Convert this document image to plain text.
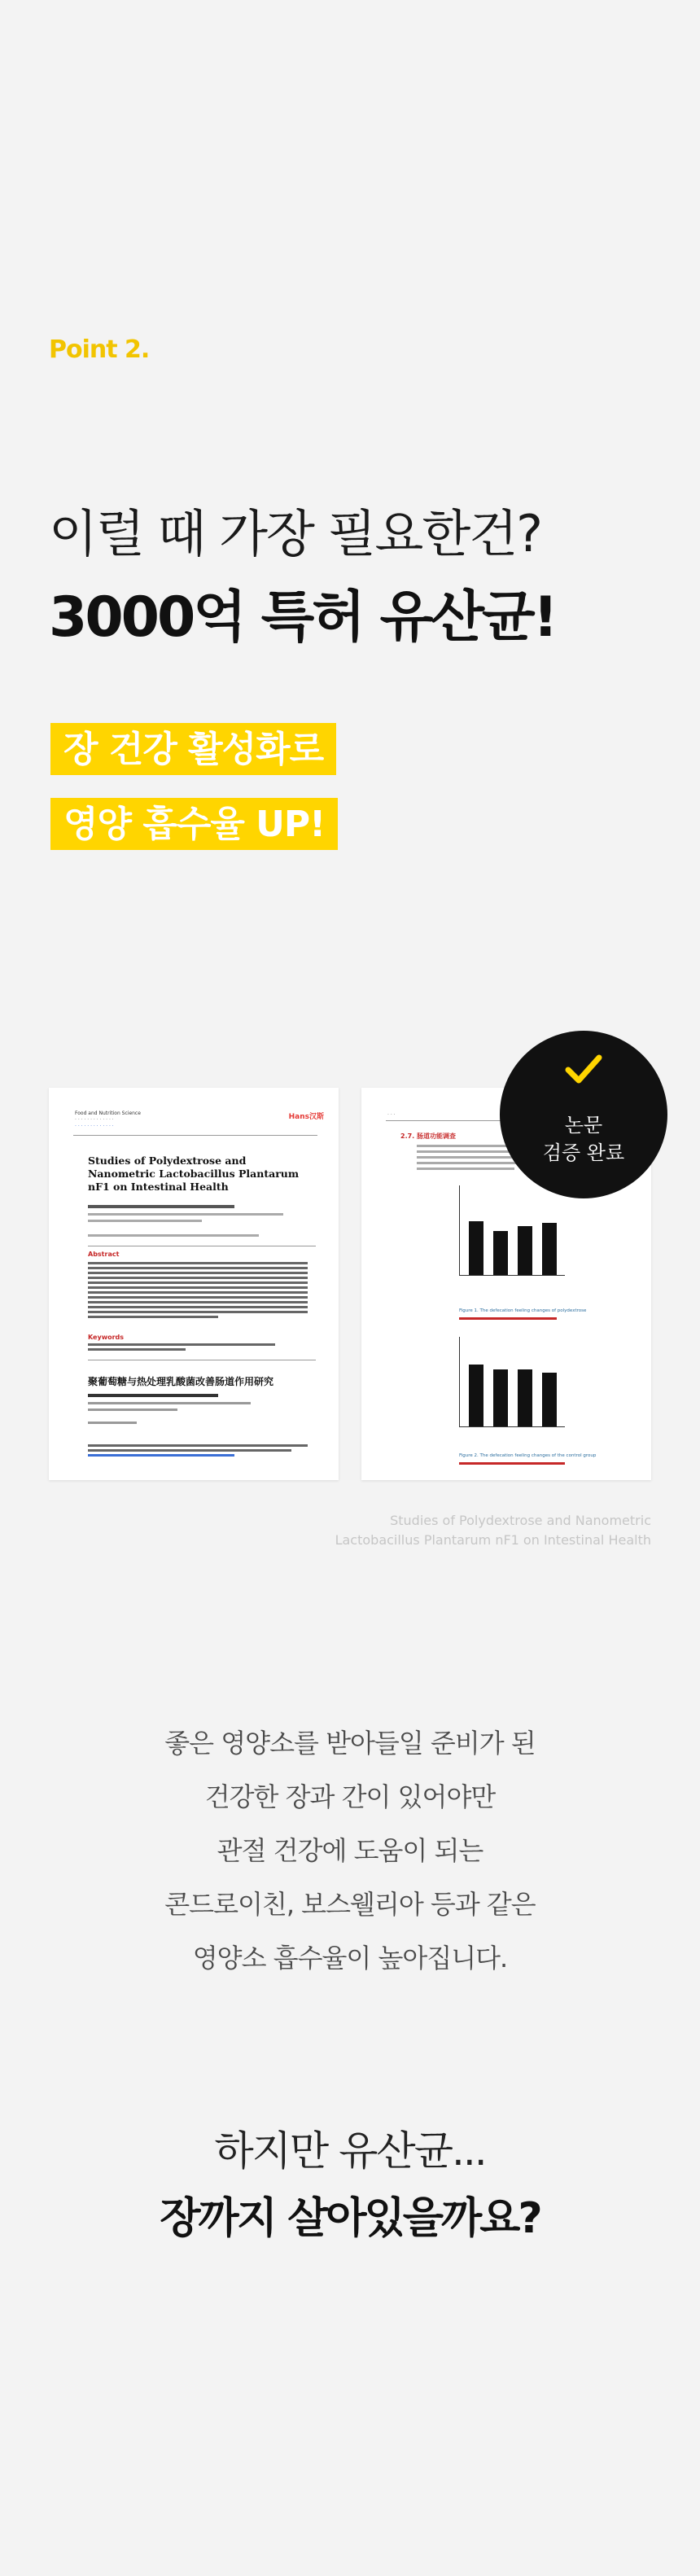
Point 2.
이럴 때 가장 필요한건?
3000억 특허 유산균!
장 건강 활성화로
영양 흡수율 UP!
Food and Nutrition Science
· · · · · · · · · · · · ·
· · · · · · · · · · · · ·
Hans汉斯
Studies of Polydextrose and Nanometric Lactobacillus Plantarum nF1 on Intestinal Health
Abstract
Keywords
聚葡萄糖与热处理乳酸菌改善肠道作用研究
· · ·
2.7. 肠道功能调查
Figure 1. The defecation feeling changes of polydextrose
Figure 2. The defecation feeling changes of the control group
논문
검증 완료
Studies of Polydextrose and Nanometric
Lactobacillus Plantarum nF1 on Intestinal Health
좋은 영양소를 받아들일 준비가 된
건강한 장과 간이 있어야만
관절 건강에 도움이 되는
콘드로이친, 보스웰리아 등과 같은
영양소 흡수율이 높아집니다.
하지만 유산균...
장까지 살아있을까요?
